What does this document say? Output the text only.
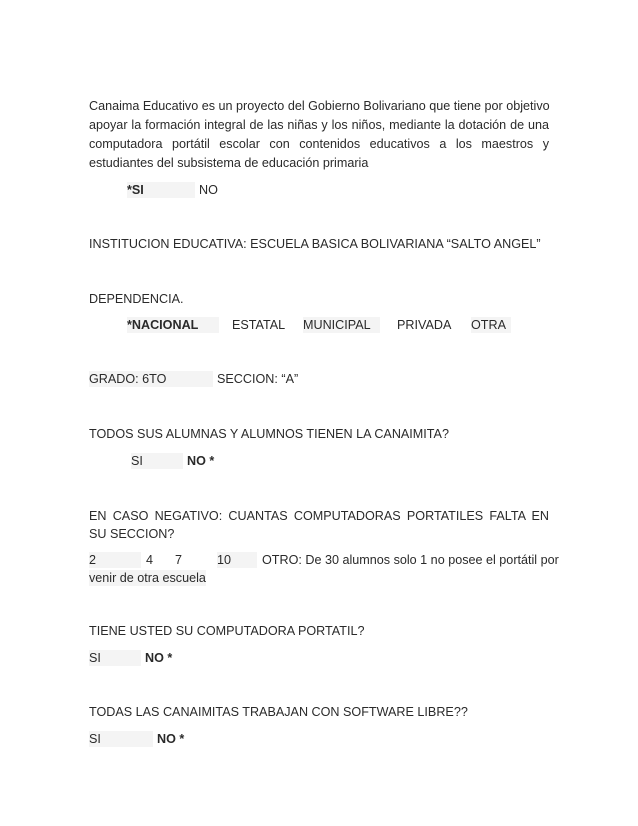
Canaima Educativo es un proyecto del Gobierno Bolivariano que tiene por objetivo
apoyar la formación integral de las niñas y los niños, mediante la dotación de una
computadora portátil escolar con contenidos educativos a los maestros y
estudiantes del subsistema de educación primaria
*SI	NO
INSTITUCION EDUCATIVA: ESCUELA BASICA BOLIVARIANA “SALTO ANGEL”
DEPENDENCIA.
*NACIONAL	ESTATAL MUNICIPAL	PRIVADA OTRA
GRADO: 6TO	SECCION: “A”
TODOS SUS ALUMNAS Y ALUMNOS TIENEN LA CANAIMITA?
SI	NO *
EN CASO NEGATIVO: CUANTAS COMPUTADORAS PORTATILES FALTA EN
SU SECCION?
2	4 7	10	OTRO: De 30 alumnos solo 1 no posee el portátil por
venir de otra escuela
TIENE USTED SU COMPUTADORA PORTATIL?
SI	NO *
TODAS LAS CANAIMITAS TRABAJAN CON SOFTWARE LIBRE??
SI	NO *
